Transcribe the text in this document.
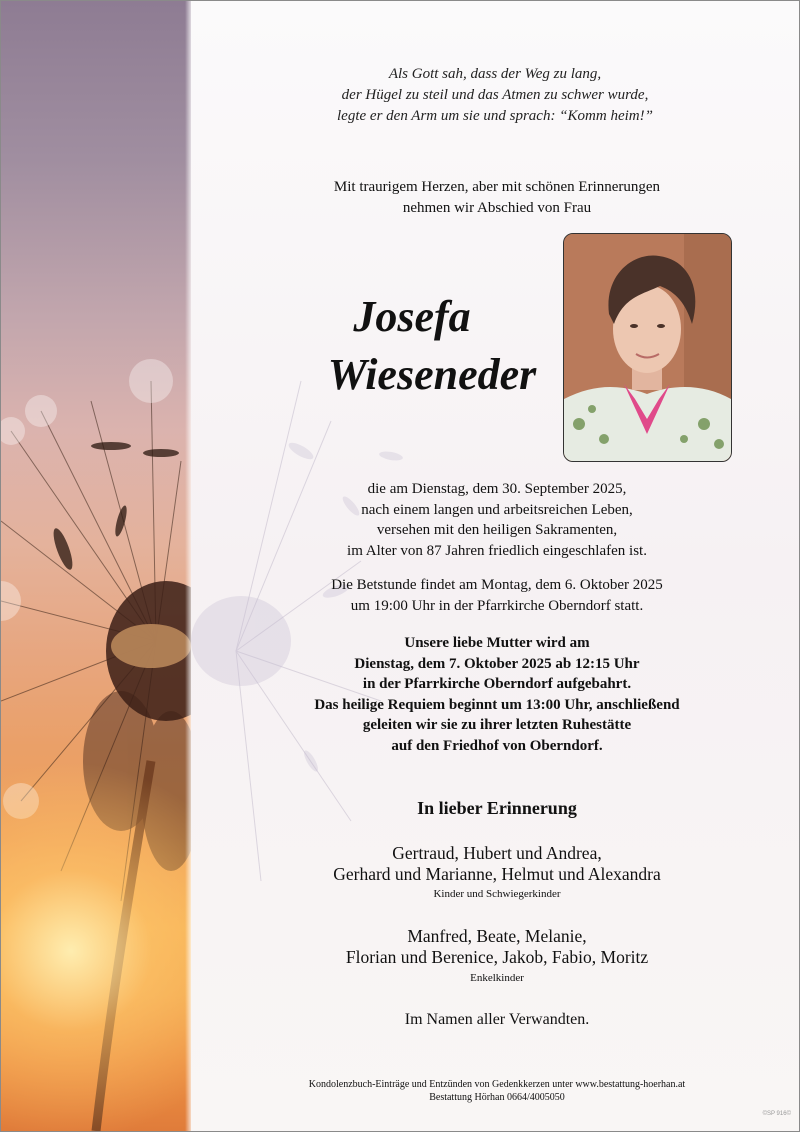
Als Gott sah, dass der Weg zu lang,
der Hügel zu steil und das Atmen zu schwer wurde,
legte er den Arm um sie und sprach: “Komm heim!”
Mit traurigem Herzen, aber mit schönen Erinnerungen
nehmen wir Abschied von Frau
Josefa
Wieseneder
die am Dienstag, dem 30. September 2025,
nach einem langen und arbeitsreichen Leben,
versehen mit den heiligen Sakramenten,
im Alter von 87 Jahren friedlich eingeschlafen ist.
Die Betstunde findet am Montag, dem 6. Oktober 2025
um 19:00 Uhr in der Pfarrkirche Oberndorf statt.
Unsere liebe Mutter wird am
Dienstag, dem 7. Oktober 2025 ab 12:15 Uhr
in der Pfarrkirche Oberndorf aufgebahrt.
Das heilige Requiem beginnt um 13:00 Uhr, anschließend
geleiten wir sie zu ihrer letzten Ruhestätte
auf den Friedhof von Oberndorf.
In lieber Erinnerung
Gertraud, Hubert und Andrea,
Gerhard und Marianne, Helmut und Alexandra
Kinder und Schwiegerkinder
Manfred, Beate, Melanie,
Florian und Berenice, Jakob, Fabio, Moritz
Enkelkinder
Im Namen aller Verwandten.
Kondolenzbuch-Einträge und Entzünden von Gedenkkerzen unter www.bestattung-hoerhan.at
Bestattung Hörhan 0664/4005050
©SP 916©
